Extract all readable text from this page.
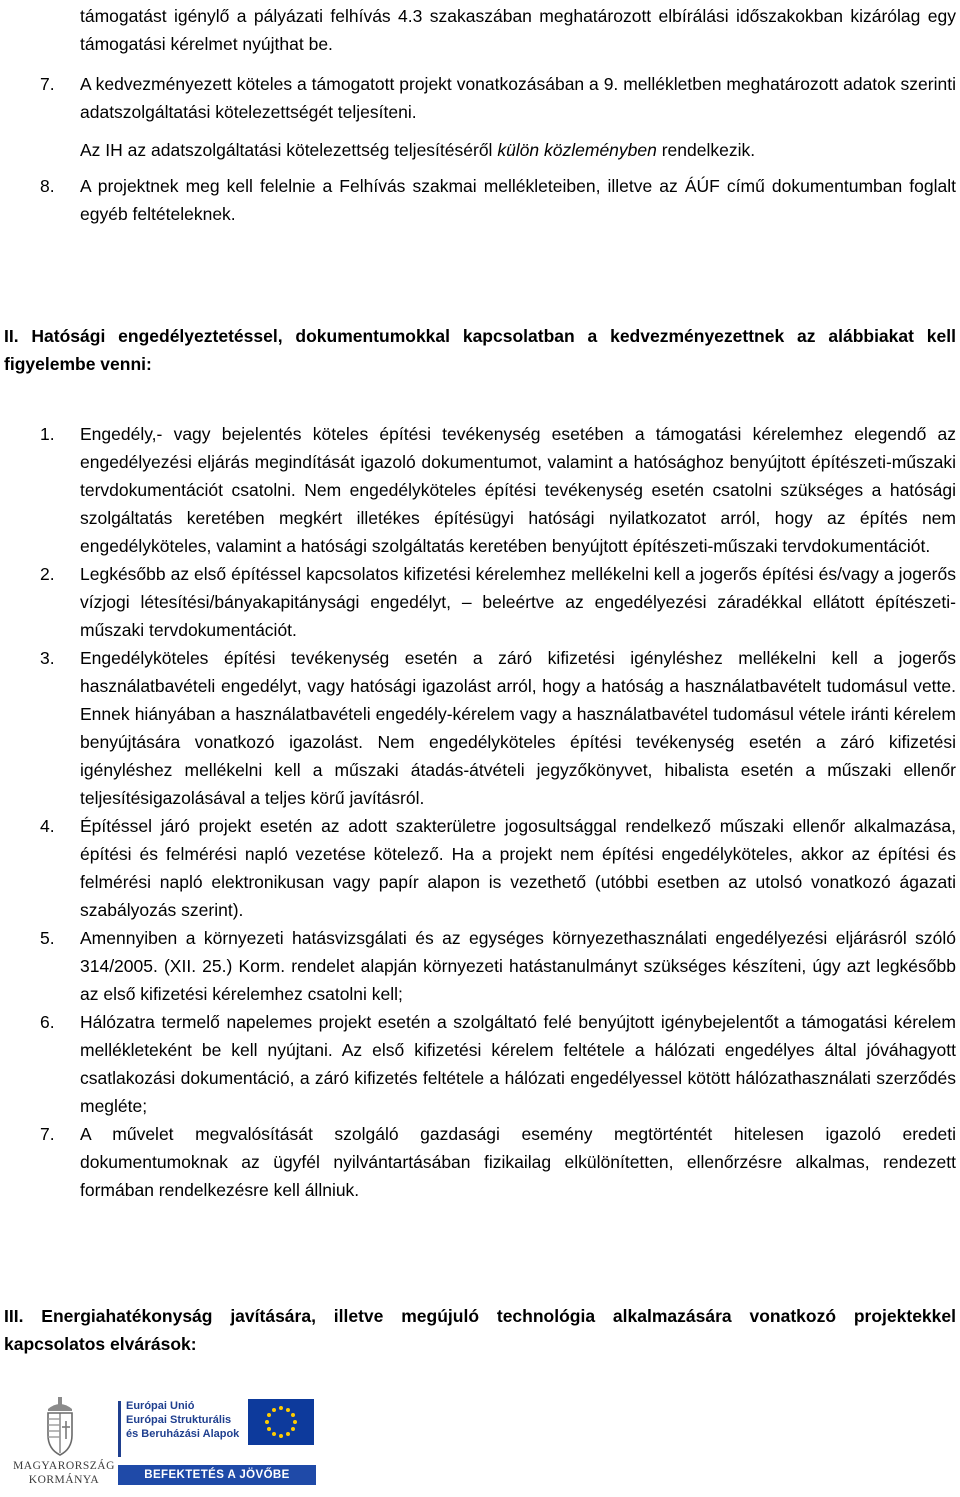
támogatást igénylő a pályázati felhívás 4.3 szakaszában meghatározott elbírálási időszakokban kizárólag egy támogatási kérelmet nyújthat be.
7. A kedvezményezett köteles a támogatott projekt vonatkozásában a 9. mellékletben meghatározott adatok szerinti adatszolgáltatási kötelezettségét teljesíteni.
Az IH az adatszolgáltatási kötelezettség teljesítéséről külön közleményben rendelkezik.
8. A projektnek meg kell felelnie a Felhívás szakmai mellékleteiben, illetve az ÁÚF című dokumentumban foglalt egyéb feltételeknek.
II. Hatósági engedélyeztetéssel, dokumentumokkal kapcsolatban a kedvezményezettnek az alábbiakat kell figyelembe venni:
1. Engedély,- vagy bejelentés köteles építési tevékenység esetében a támogatási kérelemhez elegendő az engedélyezési eljárás megindítását igazoló dokumentumot, valamint a hatósághoz benyújtott építészeti-műszaki tervdokumentációt csatolni. Nem engedélyköteles építési tevékenység esetén csatolni szükséges a hatósági szolgáltatás keretében megkért illetékes építésügyi hatósági nyilatkozatot arról, hogy az építés nem engedélyköteles, valamint a hatósági szolgáltatás keretében benyújtott építészeti-műszaki tervdokumentációt.
2. Legkésőbb az első építéssel kapcsolatos kifizetési kérelemhez mellékelni kell a jogerős építési és/vagy a jogerős vízjogi létesítési/bányakapitánysági engedélyt, – beleértve az engedélyezési záradékkal ellátott építészeti-műszaki tervdokumentációt.
3. Engedélyköteles építési tevékenység esetén a záró kifizetési igényléshez mellékelni kell a jogerős használatbavételi engedélyt, vagy hatósági igazolást arról, hogy a hatóság a használatbavételt tudomásul vette. Ennek hiányában a használatbavételi engedély-kérelem vagy a használatbavétel tudomásul vétele iránti kérelem benyújtására vonatkozó igazolást. Nem engedélyköteles építési tevékenység esetén a záró kifizetési igényléshez mellékelni kell a műszaki átadás-átvételi jegyzőkönyvet, hibalista esetén a műszaki ellenőr teljesítésigazolásával a teljes körű javításról.
4. Építéssel járó projekt esetén az adott szakterületre jogosultsággal rendelkező műszaki ellenőr alkalmazása, építési és felmérési napló vezetése kötelező. Ha a projekt nem építési engedélyköteles, akkor az építési és felmérési napló elektronikusan vagy papír alapon is vezethető (utóbbi esetben az utolsó vonatkozó ágazati szabályozás szerint).
5. Amennyiben a környezeti hatásvizsgálati és az egységes környezethasználati engedélyezési eljárásról szóló 314/2005. (XII. 25.) Korm. rendelet alapján környezeti hatástanulmányt szükséges készíteni, úgy azt legkésőbb az első kifizetési kérelemhez csatolni kell;
6. Hálózatra termelő napelemes projekt esetén a szolgáltató felé benyújtott igénybejelentőt a támogatási kérelem mellékleteként be kell nyújtani. Az első kifizetési kérelem feltétele a hálózati engedélyes által jóváhagyott csatlakozási dokumentáció, a záró kifizetés feltétele a hálózati engedélyessel kötött hálózathasználati szerződés megléte;
7. A művelet megvalósítását szolgáló gazdasági esemény megtörténtét hitelesen igazoló eredeti dokumentumoknak az ügyfél nyilvántartásában fizikailag elkülönítetten, ellenőrzésre alkalmas, rendezett formában rendelkezésre kell állniuk.
III. Energiahatékonyság javítására, illetve megújuló technológia alkalmazására vonatkozó projektekkel kapcsolatos elvárások:
MAGYARORSZÁG
KORMÁNYA
Európai Unió
Európai Strukturális
és Beruházási Alapok
BEFEKTETÉS A JÖVŐBE
